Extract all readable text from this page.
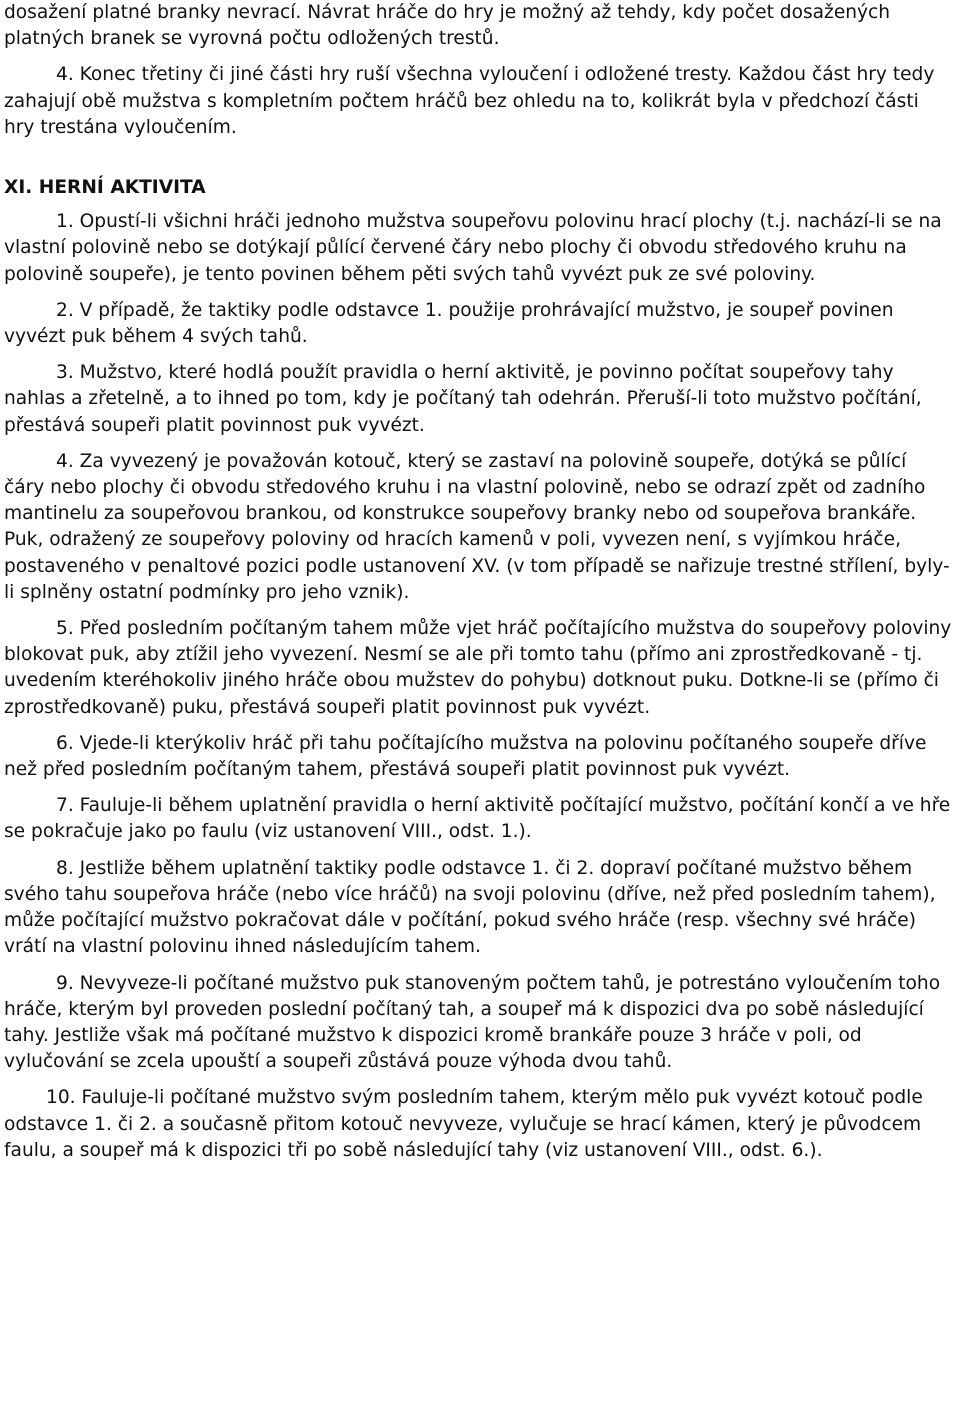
dosažení platné branky nevrací. Návrat hráče do hry je možný až tehdy, kdy počet dosažených platných branek se vyrovná počtu odložených trestů.

4. Konec třetiny či jiné části hry ruší všechna vyloučení i odložené tresty. Každou část hry tedy zahajují obě mužstva s kompletním počtem hráčů bez ohledu na to, kolikrát byla v předchozí části hry trestána vyloučením.

XI. HERNÍ AKTIVITA

1. Opustí-li všichni hráči jednoho mužstva soupeřovu polovinu hrací plochy (t.j. nachází-li se na vlastní polovině nebo se dotýkají půlící červené čáry nebo plochy či obvodu středového kruhu na polovině soupeře), je tento povinen během pěti svých tahů vyvézt puk ze své poloviny.

2. V případě, že taktiky podle odstavce 1. použije prohrávající mužstvo, je soupeř povinen vyvézt puk během 4 svých tahů.

3. Mužstvo, které hodlá použít pravidla o herní aktivitě, je povinno počítat soupeřovy tahy nahlas a zřetelně, a to ihned po tom, kdy je počítaný tah odehrán. Přeruší-li toto mužstvo počítání, přestává soupeři platit povinnost puk vyvézt.

4. Za vyvezený je považován kotouč, který se zastaví na polovině soupeře, dotýká se půlící čáry nebo plochy či obvodu středového kruhu i na vlastní polovině, nebo se odrazí zpět od zadního mantinelu za soupeřovou brankou, od konstrukce soupeřovy branky nebo od soupeřova brankáře. Puk, odražený ze soupeřovy poloviny od hracích kamenů v poli, vyvezen není, s vyjímkou hráče, postaveného v penaltové pozici podle ustanovení XV. (v tom případě se nařizuje trestné střílení, byly-li splněny ostatní podmínky pro jeho vznik).

5. Před posledním počítaným tahem může vjet hráč počítajícího mužstva do soupeřovy poloviny blokovat puk, aby ztížil jeho vyvezení. Nesmí se ale při tomto tahu (přímo ani zprostředkovaně - tj. uvedením kteréhokoliv jiného hráče obou mužstev do pohybu) dotknout puku. Dotkne-li se (přímo či zprostředkovaně) puku, přestává soupeři platit povinnost puk vyvézt.

6. Vjede-li kterýkoliv hráč při tahu počítajícího mužstva na polovinu počítaného soupeře dříve než před posledním počítaným tahem, přestává soupeři platit povinnost puk vyvézt.

7. Fauluje-li během uplatnění pravidla o herní aktivitě počítající mužstvo, počítání končí a ve hře se pokračuje jako po faulu (viz ustanovení VIII., odst. 1.).

8. Jestliže během uplatnění taktiky podle odstavce 1. či 2. dopraví počítané mužstvo během svého tahu soupeřova hráče (nebo více hráčů) na svoji polovinu (dříve, než před posledním tahem), může počítající mužstvo pokračovat dále v počítání, pokud svého hráče (resp. všechny své hráče) vrátí na vlastní polovinu ihned následujícím tahem.

9. Nevyveze-li počítané mužstvo puk stanoveným počtem tahů, je potrestáno vyloučením toho hráče, kterým byl proveden poslední počítaný tah, a soupeř má k dispozici dva po sobě následující tahy. Jestliže však má počítané mužstvo k dispozici kromě brankáře pouze 3 hráče v poli, od vylučování se zcela upouští a soupeři zůstává pouze výhoda dvou tahů.

10. Fauluje-li počítané mužstvo svým posledním tahem, kterým mělo puk vyvézt kotouč podle odstavce 1. či 2. a současně přitom kotouč nevyveze, vylučuje se hrací kámen, který je původcem faulu, a soupeř má k dispozici tři po sobě následující tahy (viz ustanovení VIII., odst. 6.).
